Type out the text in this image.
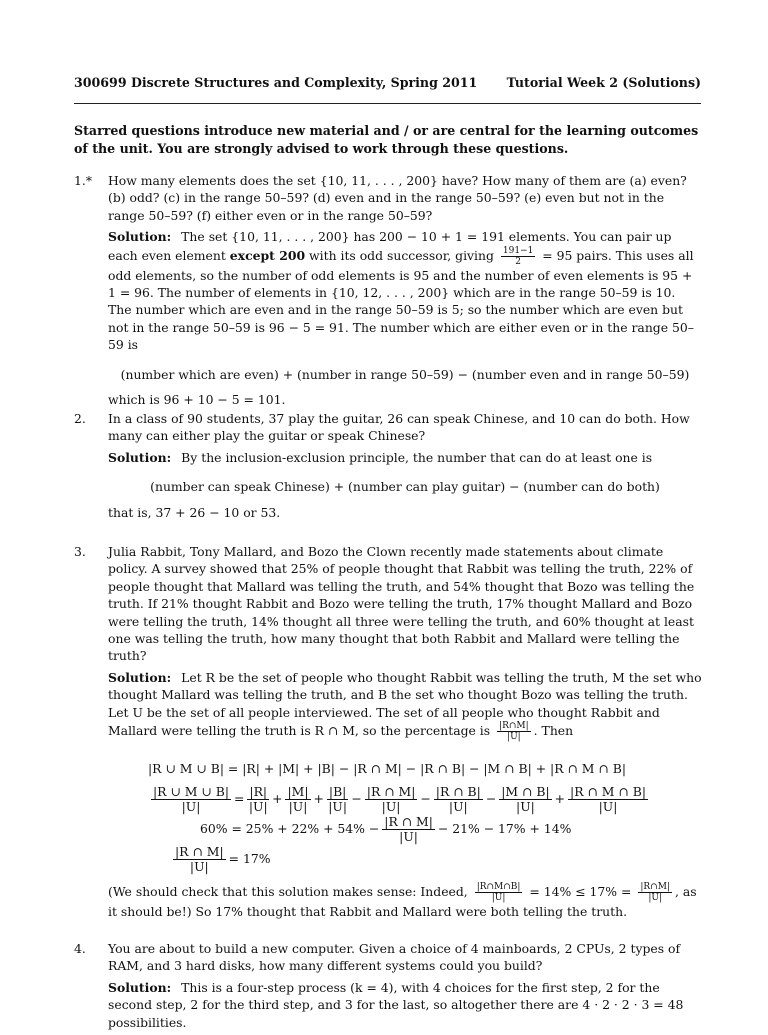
300699 Discrete Structures and Complexity, Spring 2011 Tutorial Week 2 (Solutions)
Starred questions introduce new material and / or are central for the learning outcomes of the unit. You are strongly advised to work through these questions.
1.* How many elements does the set {10, 11, . . . , 200} have? How many of them are (a) even? (b) odd? (c) in the range 50–59? (d) even and in the range 50–59? (e) even but not in the range 50–59? (f) either even or in the range 50–59?

Solution: The set {10, 11, . . . , 200} has 200 − 10 + 1 = 191 elements. You can pair up each even element except 200 with its odd successor, giving $\frac{191-1}{2} = 95$ pairs. This uses all odd elements, so the number of odd elements is 95 and the number of even elements is 95 + 1 = 96. The number of elements in {10, 12, . . . , 200} which are in the range 50–59 is 10. The number which are even and in the range 50–59 is 5; so the number which are even but not in the range 50–59 is 96 − 5 = 91. The number which are either even or in the range 50–59 is

(number which are even) + (number in range 50–59) − (number even and in range 50–59)

which is 96 + 10 − 5 = 101.

2. In a class of 90 students, 37 play the guitar, 26 can speak Chinese, and 10 can do both. How many can either play the guitar or speak Chinese?

Solution: By the inclusion-exclusion principle, the number that can do at least one is

(number can speak Chinese) + (number can play guitar) − (number can do both)

that is, 37 + 26 − 10 or 53.

3. Julia Rabbit, Tony Mallard, and Bozo the Clown recently made statements about climate policy. A survey showed that 25% of people thought that Rabbit was telling the truth, 22% of people thought that Mallard was telling the truth, and 54% thought that Bozo was telling the truth. If 21% thought Rabbit and Bozo were telling the truth, 17% thought Mallard and Bozo were telling the truth, 14% thought all three were telling the truth, and 60% thought at least one was telling the truth, how many thought that both Rabbit and Mallard were telling the truth?

Solution: Let R be the set of people who thought Rabbit was telling the truth, M the set who thought Mallard was telling the truth, and B the set who thought Bozo was telling the truth. Let U be the set of all people interviewed. The set of all people who thought Rabbit and Mallard were telling the truth is R ∩ M, so the percentage is $\frac{|R\cap M|}{|U|}$ . Then

|R ∪ M ∪ B| = |R| + |M| + |B| − |R ∩ M| − |R ∩ B| − |M ∩ B| + |R ∩ M ∩ B|
$\frac{|R \cup M \cup B|}{|U|} = \frac{|R|}{|U|} + \frac{|M|}{|U|} + \frac{|B|}{|U|} - \frac{|R \cap M|}{|U|} - \frac{|R \cap B|}{|U|} - \frac{|M \cap B|}{|U|} + \frac{|R \cap M \cap B|}{|U|}$
$60\% = 25\% + 22\% + 54\% - \frac{|R \cap M|}{|U|} - 21\% - 17\% + 14\%$
$\frac{|R \cap M|}{|U|} = 17\%$

(We should check that this solution makes sense: Indeed, $\frac{|R\cap M\cap B|}{|U|} = 14\% \le 17\% = \frac{|R\cap M|}{|U|}$ , as it should be!) So 17% thought that Rabbit and Mallard were both telling the truth.

4. You are about to build a new computer. Given a choice of 4 mainboards, 2 CPUs, 2 types of RAM, and 3 hard disks, how many different systems could you build?

Solution: This is a four-step process (k = 4), with 4 choices for the first step, 2 for the second step, 2 for the third step, and 3 for the last, so altogether there are 4 · 2 · 2 · 3 = 48 possibilities.
